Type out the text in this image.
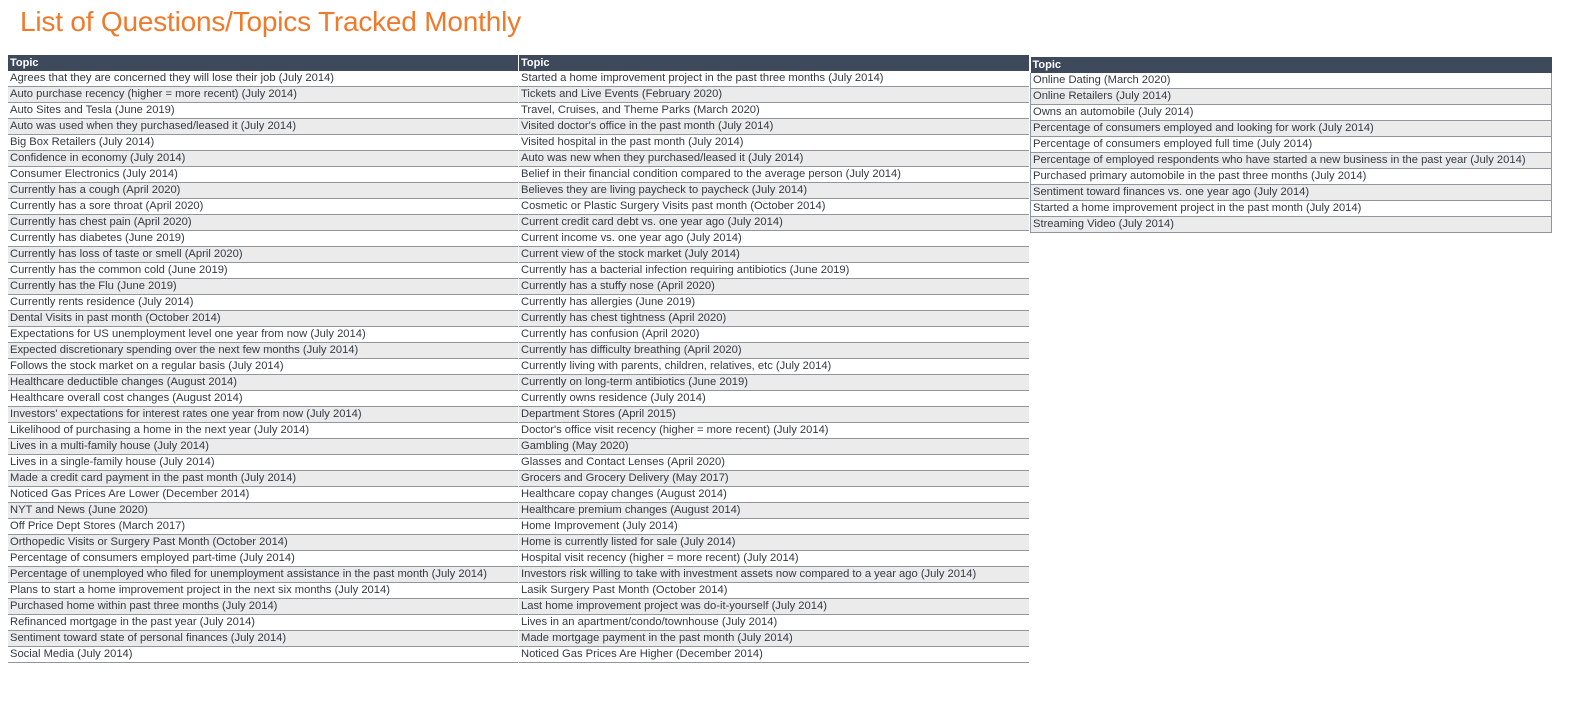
List of Questions/Topics Tracked Monthly
Topic
Agrees that they are concerned they will lose their job (July 2014)
Auto purchase recency (higher = more recent) (July 2014)
Auto Sites and Tesla (June 2019)
Auto was used when they purchased/leased it (July 2014)
Big Box Retailers (July 2014)
Confidence in economy (July 2014)
Consumer Electronics (July 2014)
Currently has a cough (April 2020)
Currently has a sore throat (April 2020)
Currently has chest pain (April 2020)
Currently has diabetes (June 2019)
Currently has loss of taste or smell (April 2020)
Currently has the common cold (June 2019)
Currently has the Flu (June 2019)
Currently rents residence (July 2014)
Dental Visits in past month (October 2014)
Expectations for US unemployment level one year from now (July 2014)
Expected discretionary spending over the next few months (July 2014)
Follows the stock market on a regular basis (July 2014)
Healthcare deductible changes (August 2014)
Healthcare overall cost changes (August 2014)
Investors' expectations for interest rates one year from now (July 2014)
Likelihood of purchasing a home in the next year (July 2014)
Lives in a multi-family house (July 2014)
Lives in a single-family house (July 2014)
Made a credit card payment in the past month (July 2014)
Noticed Gas Prices Are Lower (December 2014)
NYT and News (June 2020)
Off Price Dept Stores (March 2017)
Orthopedic Visits or Surgery Past Month (October 2014)
Percentage of consumers employed part-time (July 2014)
Percentage of unemployed who filed for unemployment assistance in the past month (July 2014)
Plans to start a home improvement project in the next six months (July 2014)
Purchased home within past three months (July 2014)
Refinanced mortgage in the past year (July 2014)
Sentiment toward state of personal finances (July 2014)
Social Media (July 2014)
Topic
Started a home improvement project in the past three months (July 2014)
Tickets and Live Events (February 2020)
Travel, Cruises, and Theme Parks (March 2020)
Visited doctor's office in the past month (July 2014)
Visited hospital in the past month (July 2014)
Auto was new when they purchased/leased it (July 2014)
Belief in their financial condition compared to the average person (July 2014)
Believes they are living paycheck to paycheck (July 2014)
Cosmetic or Plastic Surgery Visits past month (October 2014)
Current credit card debt vs. one year ago (July 2014)
Current income vs. one year ago (July 2014)
Current view of the stock market (July 2014)
Currently has a bacterial infection requiring antibiotics (June 2019)
Currently has a stuffy nose (April 2020)
Currently has allergies (June 2019)
Currently has chest tightness (April 2020)
Currently has confusion (April 2020)
Currently has difficulty breathing (April 2020)
Currently living with parents, children, relatives, etc (July 2014)
Currently on long-term antibiotics (June 2019)
Currently owns residence (July 2014)
Department Stores (April 2015)
Doctor's office visit recency (higher = more recent) (July 2014)
Gambling (May 2020)
Glasses and Contact Lenses (April 2020)
Grocers and Grocery Delivery (May 2017)
Healthcare copay changes (August 2014)
Healthcare premium changes (August 2014)
Home Improvement (July 2014)
Home is currently listed for sale (July 2014)
Hospital visit recency (higher = more recent) (July 2014)
Investors risk willing to take with investment assets now compared to a year ago (July 2014)
Lasik Surgery Past Month (October 2014)
Last home improvement project was do-it-yourself (July 2014)
Lives in an apartment/condo/townhouse (July 2014)
Made mortgage payment in the past month (July 2014)
Noticed Gas Prices Are Higher (December 2014)
Topic
Online Dating (March 2020)
Online Retailers (July 2014)
Owns an automobile (July 2014)
Percentage of consumers employed and looking for work (July 2014)
Percentage of consumers employed full time (July 2014)
Percentage of employed respondents who have started a new business in the past year (July 2014)
Purchased primary automobile in the past three months (July 2014)
Sentiment toward finances vs. one year ago (July 2014)
Started a home improvement project in the past month (July 2014)
Streaming Video (July 2014)
